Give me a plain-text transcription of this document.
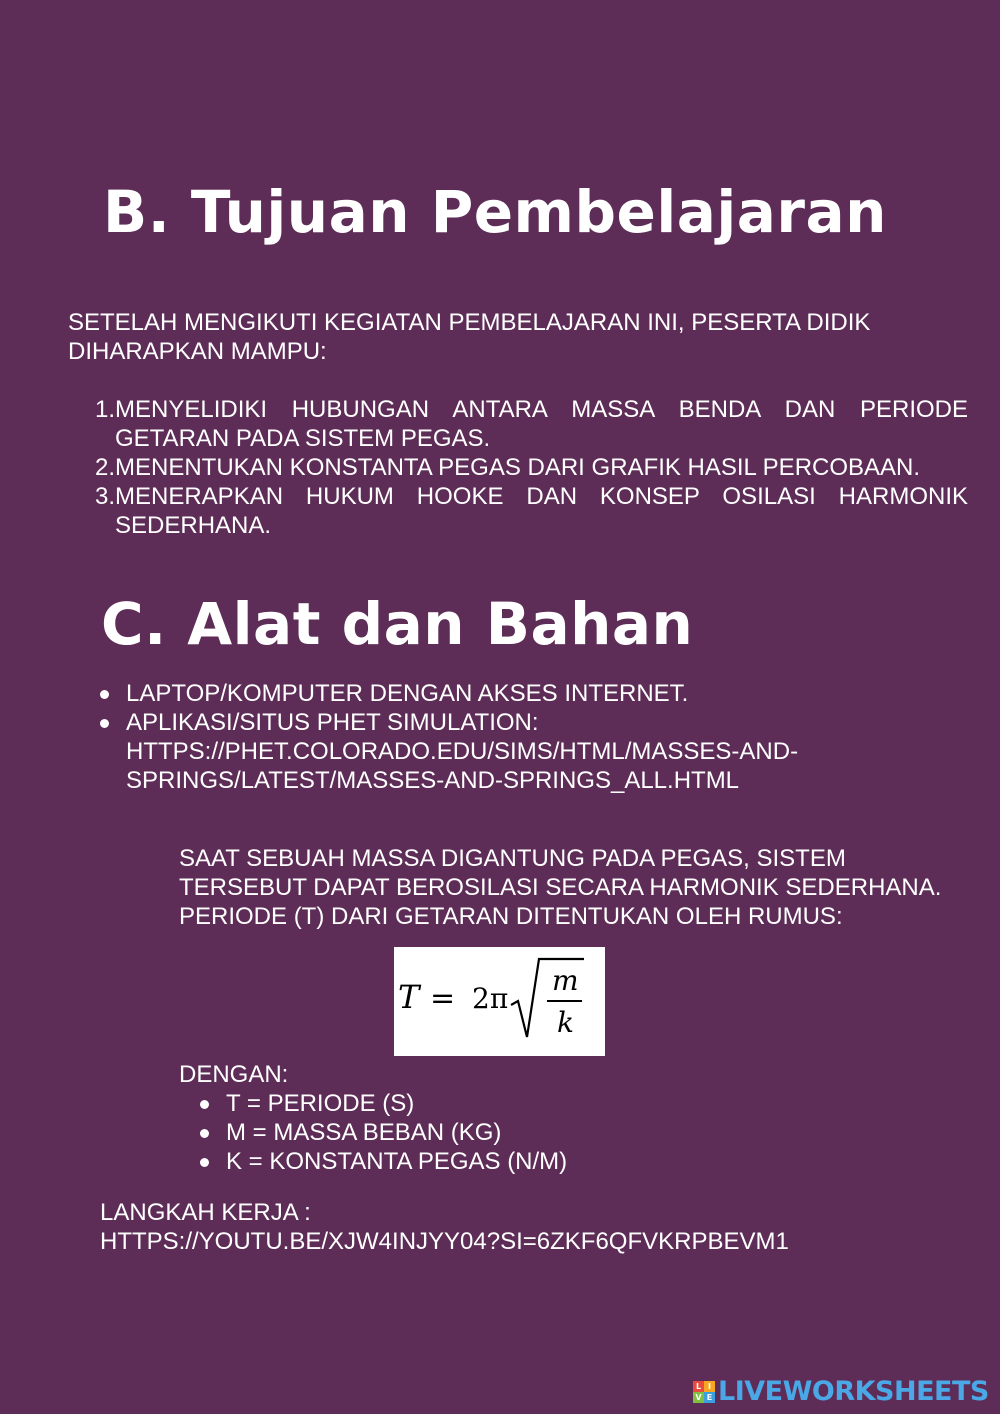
B. Tujuan Pembelajaran

SETELAH MENGIKUTI KEGIATAN PEMBELAJARAN INI, PESERTA DIDIK DIHARAPKAN MAMPU:

1. MENYELIDIKI HUBUNGAN ANTARA MASSA BENDA DAN PERIODE GETARAN PADA SISTEM PEGAS.
2. MENENTUKAN KONSTANTA PEGAS DARI GRAFIK HASIL PERCOBAAN.
3. MENERAPKAN HUKUM HOOKE DAN KONSEP OSILASI HARMONIK SEDERHANA.
C. Alat dan Bahan
LAPTOP/KOMPUTER DENGAN AKSES INTERNET.
APLIKASI/SITUS PHET SIMULATION: HTTPS://PHET.COLORADO.EDU/SIMS/HTML/MASSES-AND-SPRINGS/LATEST/MASSES-AND-SPRINGS_ALL.HTML

SAAT SEBUAH MASSA DIGANTUNG PADA PEGAS, SISTEM TERSEBUT DAPAT BEROSILASI SECARA HARMONIK SEDERHANA. PERIODE (T) DARI GETARAN DITENTUKAN OLEH RUMUS:

T = 2π
m
k

DENGAN:

T = PERIODE (S)
M = MASSA BEBAN (KG)
K = KONSTANTA PEGAS (N/M)
LANGKAH KERJA :
HTTPS://YOUTU.BE/XJW4INJYY04?SI=6ZKF6QFVKRPBEVM1
L I
V E LIVEWORKSHEETS
